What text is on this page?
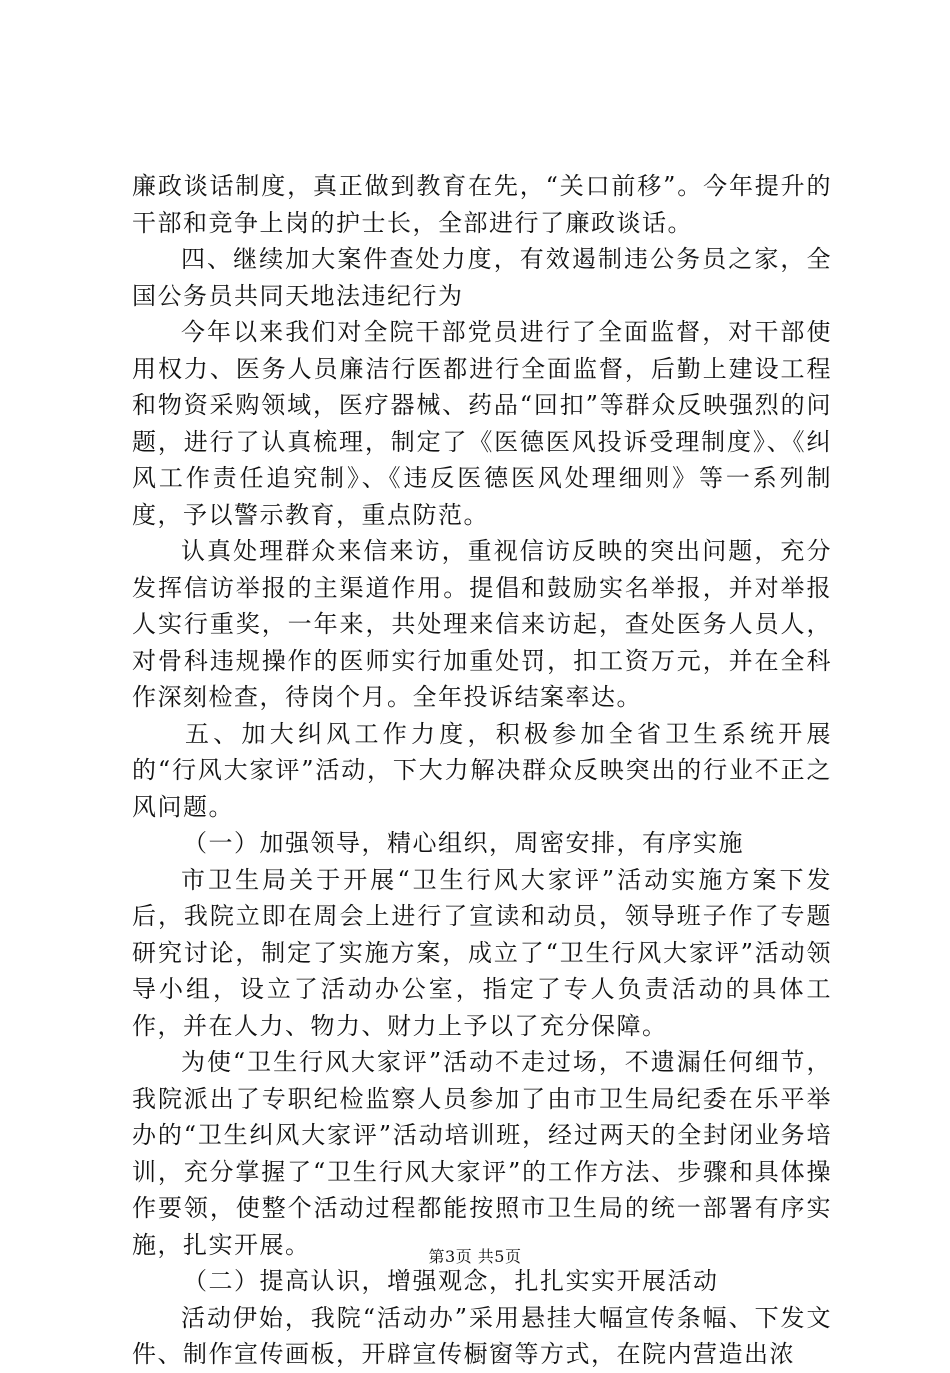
廉政谈话制度，真正做到教育在先，“关口前移”。今年提升的干部和竞争上岗的护士长，全部进行了廉政谈话。

四、继续加大案件查处力度，有效遏制违公务员之家，全国公务员共同天地法违纪行为

今年以来我们对全院干部党员进行了全面监督，对干部使用权力、医务人员廉洁行医都进行全面监督，后勤上建设工程和物资采购领域，医疗器械、药品“回扣”等群众反映强烈的问题，进行了认真梳理，制定了《医德医风投诉受理制度》、《纠风工作责任追究制》、《违反医德医风处理细则》等一系列制度，予以警示教育，重点防范。

认真处理群众来信来访，重视信访反映的突出问题，充分发挥信访举报的主渠道作用。提倡和鼓励实名举报，并对举报人实行重奖，一年来，共处理来信来访起，查处医务人员人，对骨科违规操作的医师实行加重处罚，扣工资万元，并在全科作深刻检查，待岗个月。全年投诉结案率达。

五、加大纠风工作力度，积极参加全省卫生系统开展的“行风大家评”活动，下大力解决群众反映突出的行业不正之风问题。

（一）加强领导，精心组织，周密安排，有序实施

市卫生局关于开展“卫生行风大家评”活动实施方案下发后，我院立即在周会上进行了宣读和动员，领导班子作了专题研究讨论，制定了实施方案，成立了“卫生行风大家评”活动领导小组，设立了活动办公室，指定了专人负责活动的具体工作，并在人力、物力、财力上予以了充分保障。

为使“卫生行风大家评”活动不走过场，不遗漏任何细节，我院派出了专职纪检监察人员参加了由市卫生局纪委在乐平举办的“卫生纠风大家评”活动培训班，经过两天的全封闭业务培训，充分掌握了“卫生行风大家评”的工作方法、步骤和具体操作要领，使整个活动过程都能按照市卫生局的统一部署有序实施，扎实开展。

（二）提高认识，增强观念，扎扎实实开展活动

活动伊始，我院“活动办”采用悬挂大幅宣传条幅、下发文件、制作宣传画板，开辟宣传橱窗等方式，在院内营造出浓

第3页 共5页
